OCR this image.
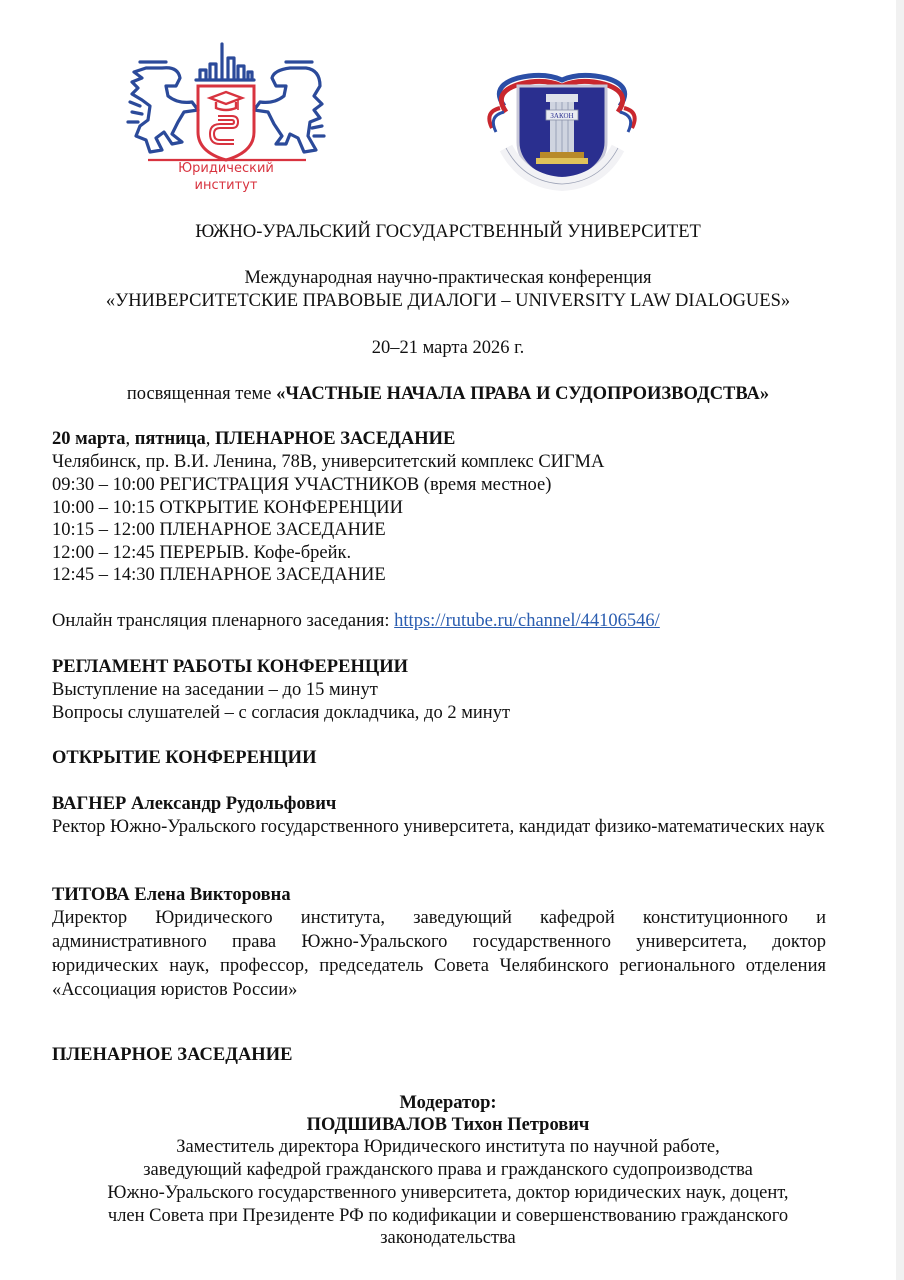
Юридический
институт
ЗАКОН
ЮЖНО-УРАЛЬСКИЙ ГОСУДАРСТВЕННЫЙ УНИВЕРСИТЕТ
Международная научно-практическая конференция
«УНИВЕРСИТЕТСКИЕ ПРАВОВЫЕ ДИАЛОГИ – UNIVERSITY LAW DIALOGUES»
20–21 марта 2026 г.
посвященная теме «ЧАСТНЫЕ НАЧАЛА ПРАВА И СУДОПРОИЗВОДСТВА»
20 марта, пятница, ПЛЕНАРНОЕ ЗАСЕДАНИЕ
Челябинск, пр. В.И. Ленина, 78В, университетский комплекс СИГМА
09:30 – 10:00 РЕГИСТРАЦИЯ УЧАСТНИКОВ (время местное)
10:00 – 10:15 ОТКРЫТИЕ КОНФЕРЕНЦИИ
10:15 – 12:00 ПЛЕНАРНОЕ ЗАСЕДАНИЕ
12:00 – 12:45 ПЕРЕРЫВ. Кофе-брейк.
12:45 – 14:30 ПЛЕНАРНОЕ ЗАСЕДАНИЕ
Онлайн трансляция пленарного заседания: https://rutube.ru/channel/44106546/
РЕГЛАМЕНТ РАБОТЫ КОНФЕРЕНЦИИ
Выступление на заседании – до 15 минут
Вопросы слушателей – с согласия докладчика, до 2 минут
ОТКРЫТИЕ КОНФЕРЕНЦИИ
ВАГНЕР Александр Рудольфович
Ректор Южно-Уральского государственного университета, кандидат физико-математических наук
ТИТОВА Елена Викторовна
Директор Юридического института, заведующий кафедрой конституционного и административного права Южно-Уральского государственного университета, доктор юридических наук, профессор, председатель Совета Челябинского регионального отделения «Ассоциация юристов России»
ПЛЕНАРНОЕ ЗАСЕДАНИЕ
Модератор:
ПОДШИВАЛОВ Тихон Петрович
Заместитель директора Юридического института по научной работе,
заведующий кафедрой гражданского права и гражданского судопроизводства
Южно-Уральского государственного университета, доктор юридических наук, доцент,
член Совета при Президенте РФ по кодификации и совершенствованию гражданского
законодательства
